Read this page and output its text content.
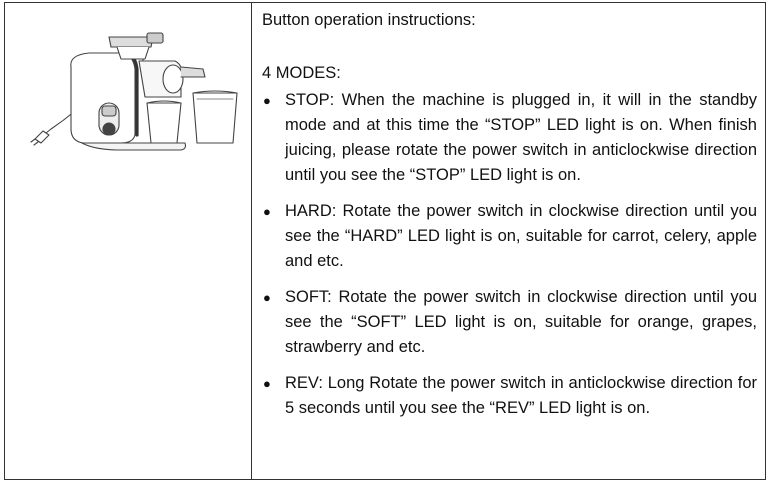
Button operation instructions:

4 MODES:

● STOP: When the machine is plugged in, it will in the standby mode and at this time the “STOP” LED light is on. When finish juicing, please rotate the power switch in anticlockwise direction until you see the “STOP” LED light is on.
● HARD: Rotate the power switch in clockwise direction until you see the “HARD” LED light is on, suitable for carrot, celery, apple and etc.
● SOFT: Rotate the power switch in clockwise direction until you see the “SOFT” LED light is on, suitable for orange, grapes, strawberry and etc.
● REV: Long Rotate the power switch in anticlockwise direction for 5 seconds until you see the “REV” LED light is on.
